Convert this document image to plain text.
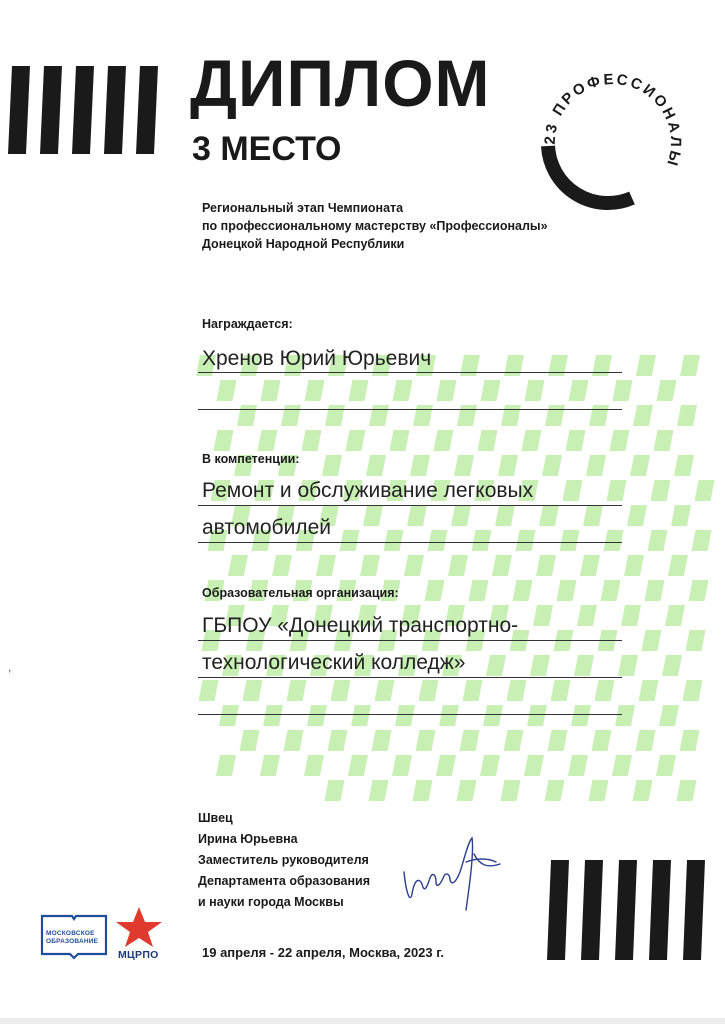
ДИПЛОМ
3 МЕСТО	2023 ПРОФЕССИОНАЛЫ
Региональный этап Чемпионата
по профессиональному мастерству «Профессионалы»
Донецкой Народной Республики
Награждается:
Хренов Юрий Юрьевич
В компетенции:
Ремонт и обслуживание легковых
автомобилей
Образовательная организация:
ГБПОУ «Донецкий транспортно-
технологический колледж»
Швец
Ирина Юрьевна
Заместитель руководителя
Департамента образования
и науки города Москвы
МОСКОВСКОЕ
ОБРАЗОВАНИЕ
МЦРПО	19 апреля - 22 апреля, Москва, 2023 г.
,
